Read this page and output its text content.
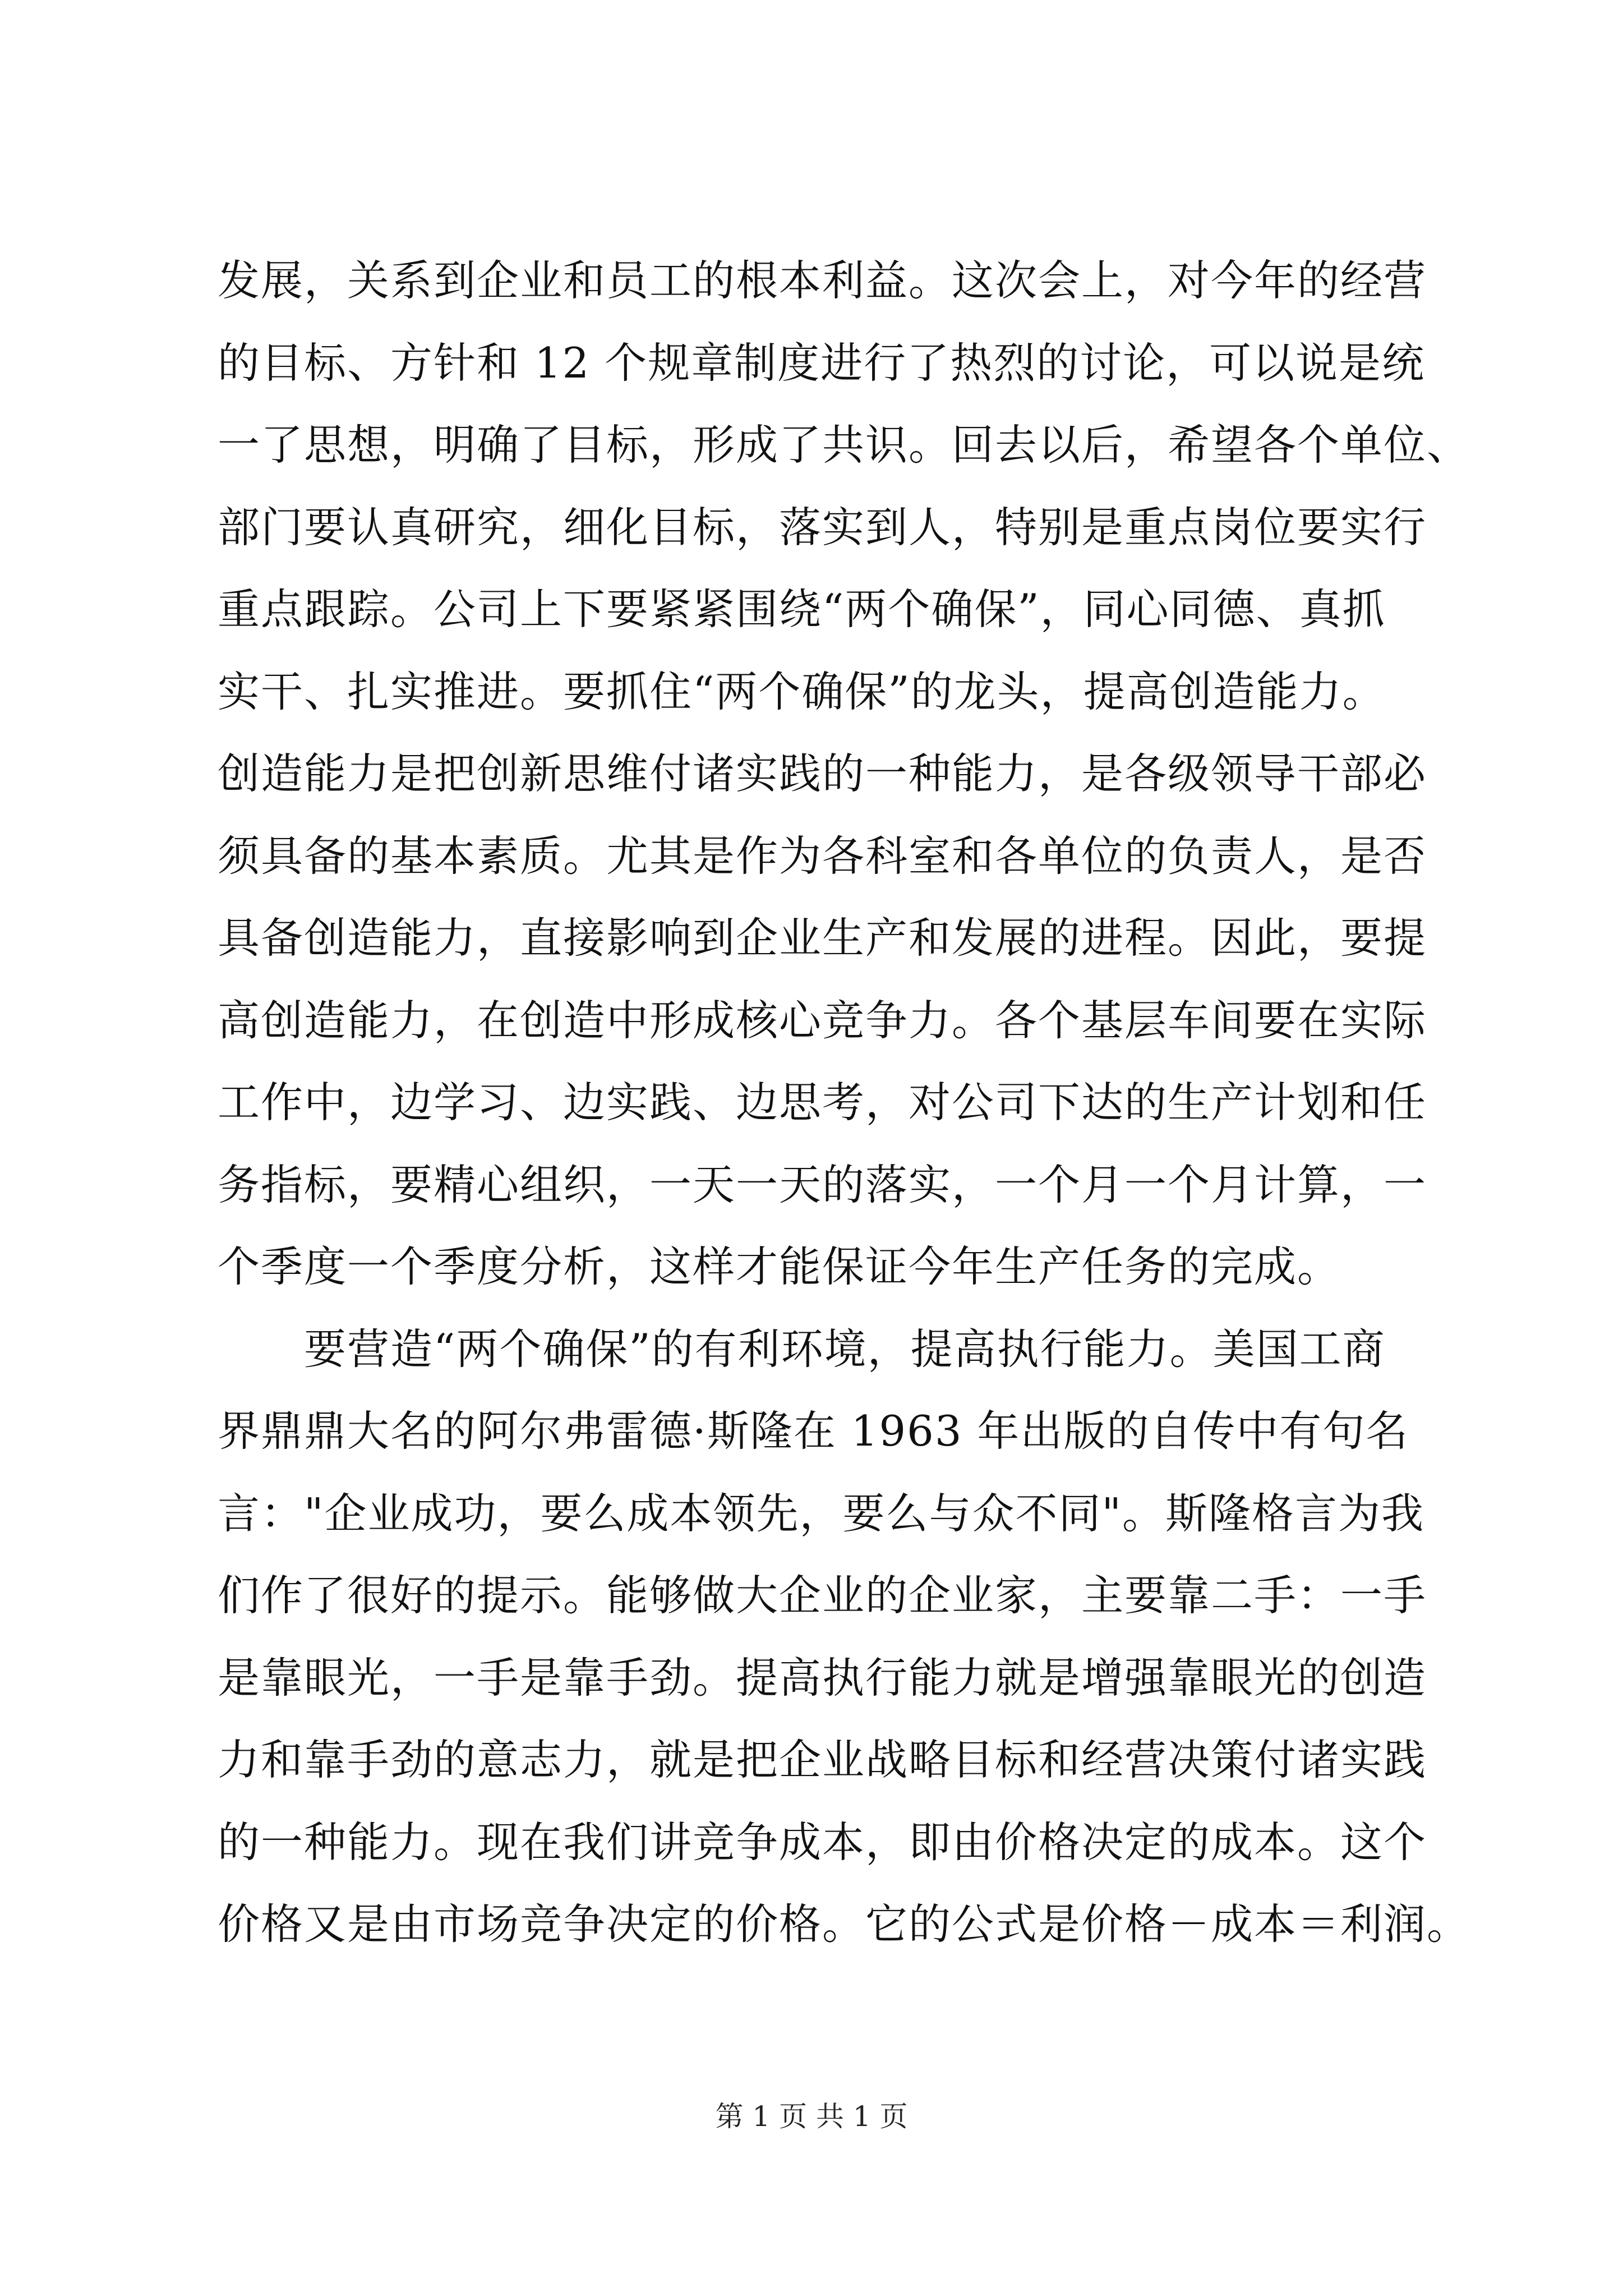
发展，关系到企业和员工的根本利益。这次会上，对今年的经营
的目标、方针和 12 个规章制度进行了热烈的讨论，可以说是统
一了思想，明确了目标，形成了共识。回去以后，希望各个单位、
部门要认真研究，细化目标，落实到人，特别是重点岗位要实行
重点跟踪。公司上下要紧紧围绕“两个确保”，同心同德、真抓
实干、扎实推进。要抓住“两个确保”的龙头，提高创造能力。
创造能力是把创新思维付诸实践的一种能力，是各级领导干部必
须具备的基本素质。尤其是作为各科室和各单位的负责人，是否
具备创造能力，直接影响到企业生产和发展的进程。因此，要提
高创造能力，在创造中形成核心竞争力。各个基层车间要在实际
工作中，边学习、边实践、边思考，对公司下达的生产计划和任
务指标，要精心组织，一天一天的落实，一个月一个月计算，一
个季度一个季度分析，这样才能保证今年生产任务的完成。
要营造“两个确保”的有利环境，提高执行能力。美国工商
界鼎鼎大名的阿尔弗雷德·斯隆在 1963 年出版的自传中有句名
言："企业成功，要么成本领先，要么与众不同"。斯隆格言为我
们作了很好的提示。能够做大企业的企业家，主要靠二手：一手
是靠眼光，一手是靠手劲。提高执行能力就是增强靠眼光的创造
力和靠手劲的意志力，就是把企业战略目标和经营决策付诸实践
的一种能力。现在我们讲竞争成本，即由价格决定的成本。这个
价格又是由市场竞争决定的价格。它的公式是价格－成本＝利润。
第 1 页 共 1 页
